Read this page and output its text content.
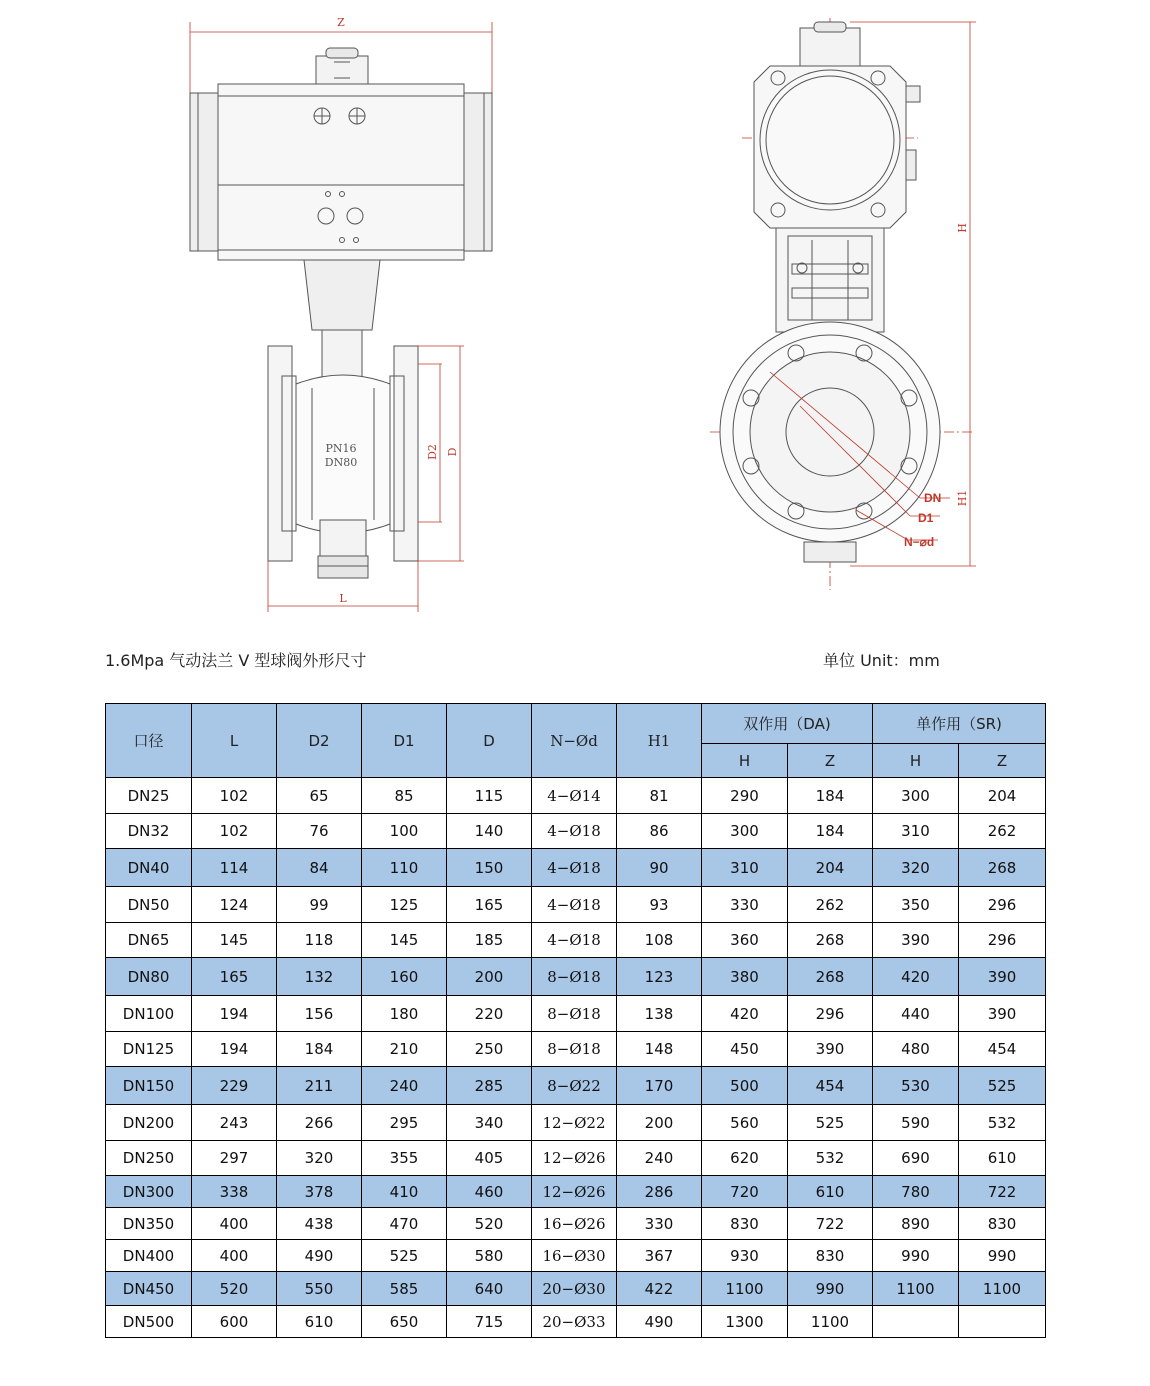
Z
L
D2 D
PN16
DN80
H
H1
DN
D1
N−⌀d
1.6Mpa 气动法兰 V 型球阀外形尺寸	单位 Unit：mm
口径	L	D2	D1	D	N−Ød	H1	双作用（DA)		单作用（SR)	
							H	Z	H	Z
DN25	102	65	85	115	4−Ø14	81	290	184	300	204
DN32	102	76	100	140	4−Ø18	86	300	184	310	262
DN40	114	84	110	150	4−Ø18	90	310	204	320	268
DN50	124	99	125	165	4−Ø18	93	330	262	350	296
DN65	145	118	145	185	4−Ø18	108	360	268	390	296
DN80	165	132	160	200	8−Ø18	123	380	268	420	390
DN100	194	156	180	220	8−Ø18	138	420	296	440	390
DN125	194	184	210	250	8−Ø18	148	450	390	480	454
DN150	229	211	240	285	8−Ø22	170	500	454	530	525
DN200	243	266	295	340	12−Ø22	200	560	525	590	532
DN250	297	320	355	405	12−Ø26	240	620	532	690	610
DN300	338	378	410	460	12−Ø26	286	720	610	780	722
DN350	400	438	470	520	16−Ø26	330	830	722	890	830
DN400	400	490	525	580	16−Ø30	367	930	830	990	990
DN450	520	550	585	640	20−Ø30	422	1100	990	1100	1100
DN500	600	610	650	715	20−Ø33	490	1300	1100		
